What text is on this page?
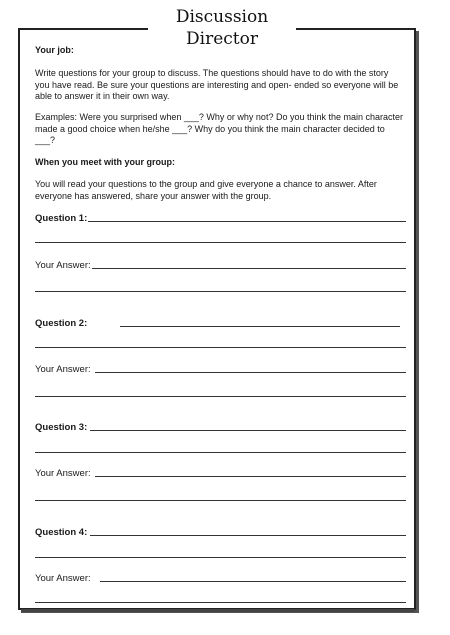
Discussion
Director
Your job:
Write questions for your group to discuss. The questions should have to do with the story you have read. Be sure your questions are interesting and open- ended so everyone will be able to answer it in their own way.
Examples: Were you surprised when ___? Why or why not? Do you think the main character made a good choice when he/she ___? Why do you think the main character decided to ___?
When you meet with your group:
You will read your questions to the group and give everyone a chance to answer. After everyone has answered, share your answer with the group.
Question 1:
Your Answer:
Question 2:
Your Answer:
Question 3:
Your Answer:
Question 4:
Your Answer:
